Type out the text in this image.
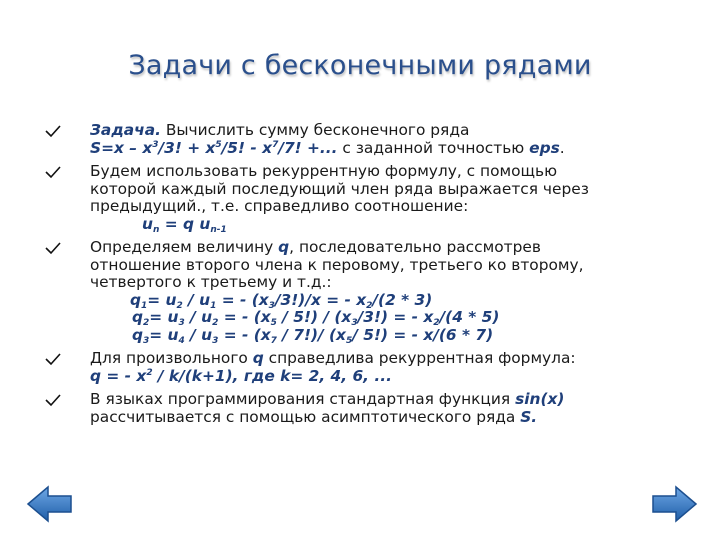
Задачи с бесконечными рядами
Задача. Вычислить сумму бесконечного ряда
$S=x - x^3/3$! + $x^5/5$! - $x^7/7$! +... с заданной точностью eps.
Будем использовать рекуррентную формулу, с помощью
которой каждый последующий член ряда выражается через
предыдущий., т.е. справедливо соотношение:
$u_n = q$ $u_{n-1}$
Определяем величину q, последовательно рассмотрев
отношение второго члена к перовому, третьего ко второму,
четвертого к третьему и т.д.:
$q_1= u_2 / u_1$ = - $(x_3/3!)/x$ = - $x_2/(2 * 3)$
$q_2= u_3 / u_2$ = - $(x_5 / 5!) / (x_3/3!)$ = - $x_2/(4 * 5)$
$q_3= u_4 / u_3$ = - $(x_7 / 7!)/$ ($x_5/$ 5!) = - x/(6 * 7)
Для произвольного q справедлива рекуррентная формула:
q = - $x^2 / k/(k+1)$, где k= 2, 4, 6, ...
В языках программирования стандартная функция sin(x)
рассчитывается с помощью асимптотического ряда S.
